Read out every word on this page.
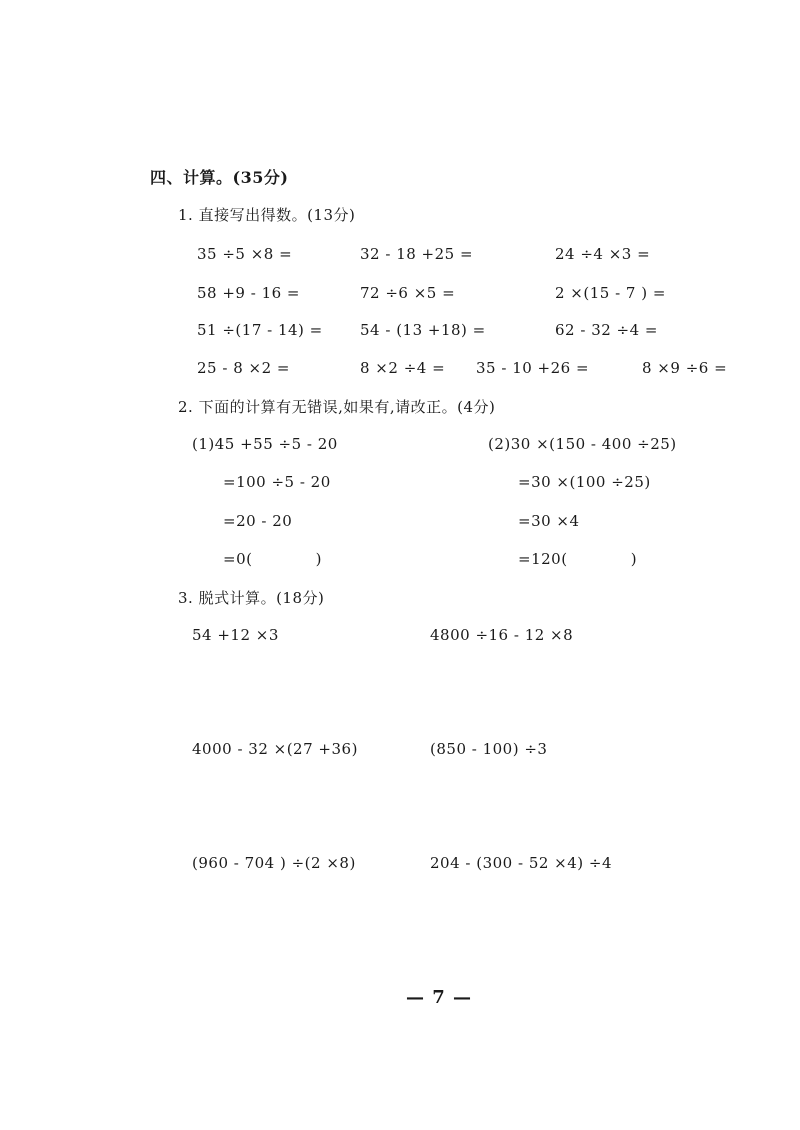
四、计算。(35分)
1. 直接写出得数。(13分)
35 ÷5 ×8 =	32 - 18 +25 =	24 ÷4 ×3 =
58 +9 - 16 =	72 ÷6 ×5 =	2 ×(15 - 7 ) =
51 ÷(17 - 14) = 54 - (13 +18) =	62 - 32 ÷4 =
25 - 8 ×2 =	8 ×2 ÷4 = 35 - 10 +26 =	8 ×9 ÷6 =
2. 下面的计算有无错误,如果有,请改正。(4分)
(1)45 +55 ÷5 - 20
=100 ÷5 - 20
=20 - 20
=0(            )
(2)30 ×(150 - 400 ÷25)
=30 ×(100 ÷25)
=30 ×4
=120(            )
3. 脱式计算。(18分)
54 +12 ×3	4800 ÷16 - 12 ×8
4000 - 32 ×(27 +36)	(850 - 100) ÷3
(960 - 704 ) ÷(2 ×8)	204 - (300 - 52 ×4) ÷4
— 7 —
